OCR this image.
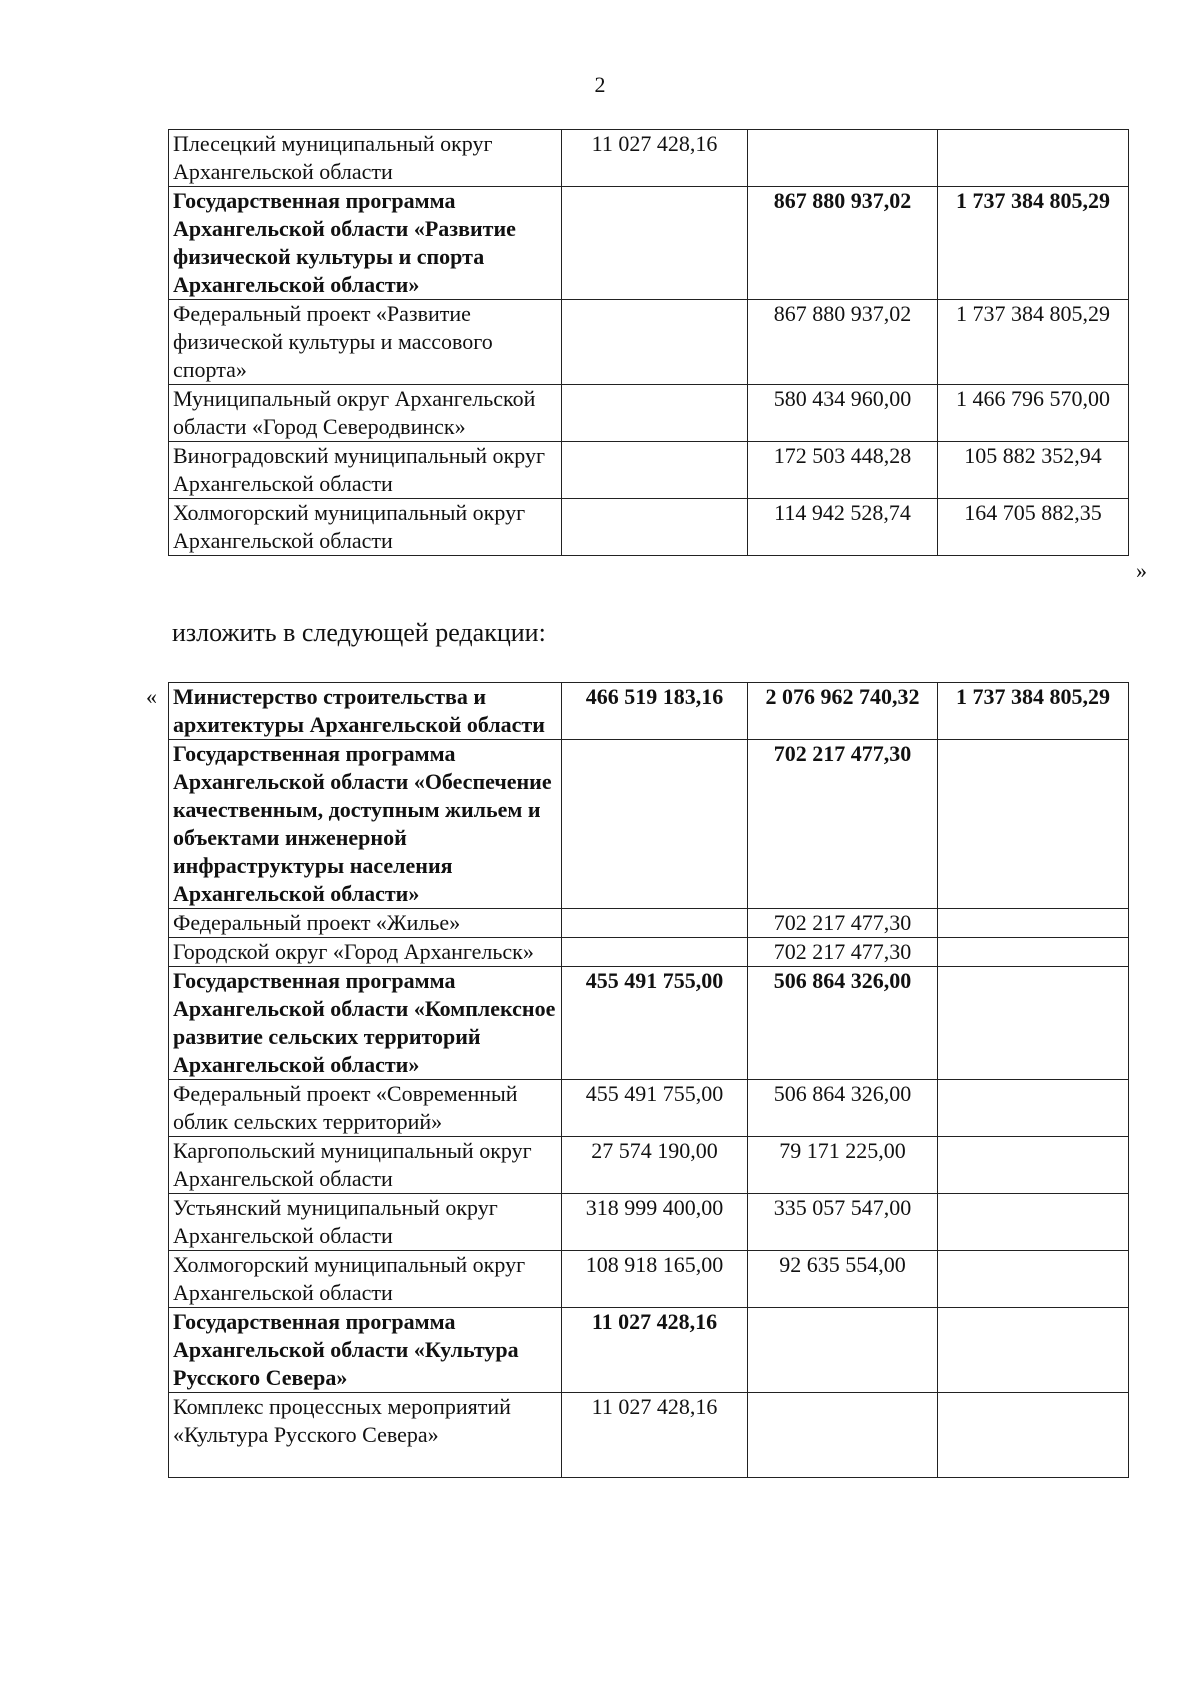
2
Плесецкий муниципальный округ Архангельской области	11 027 428,16		
Государственная программа Архангельской области «Развитие физической культуры и спорта Архангельской области»		867 880 937,02	1 737 384 805,29
Федеральный проект «Развитие физической культуры и массового спорта»		867 880 937,02	1 737 384 805,29
Муниципальный округ Архангельской области «Город Северодвинск»		580 434 960,00	1 466 796 570,00
Виноградовский муниципальный округ Архангельской области		172 503 448,28	105 882 352,94
Холмогорский муниципальный округ Архангельской области		114 942 528,74	164 705 882,35
»
изложить в следующей редакции:
« Министерство строительства и архитектуры Архангельской области	466 519 183,16	2 076 962 740,32	1 737 384 805,29
Государственная программа Архангельской области «Обеспечение качественным, доступным жильем и объектами инженерной инфраструктуры населения Архангельской области»		702 217 477,30	
Федеральный проект «Жилье»		702 217 477,30	
Городской округ «Город Архангельск»		702 217 477,30	
Государственная программа Архангельской области «Комплексное развитие сельских территорий Архангельской области»	455 491 755,00	506 864 326,00	
Федеральный проект «Современный облик сельских территорий»	455 491 755,00	506 864 326,00	
Каргопольский муниципальный округ Архангельской области	27 574 190,00	79 171 225,00	
Устьянский муниципальный округ Архангельской области	318 999 400,00	335 057 547,00	
Холмогорский муниципальный округ Архангельской области	108 918 165,00	92 635 554,00	
Государственная программа Архангельской области «Культура Русского Севера»	11 027 428,16		
Комплекс процессных мероприятий «Культура Русского Севера»	11 027 428,16		
